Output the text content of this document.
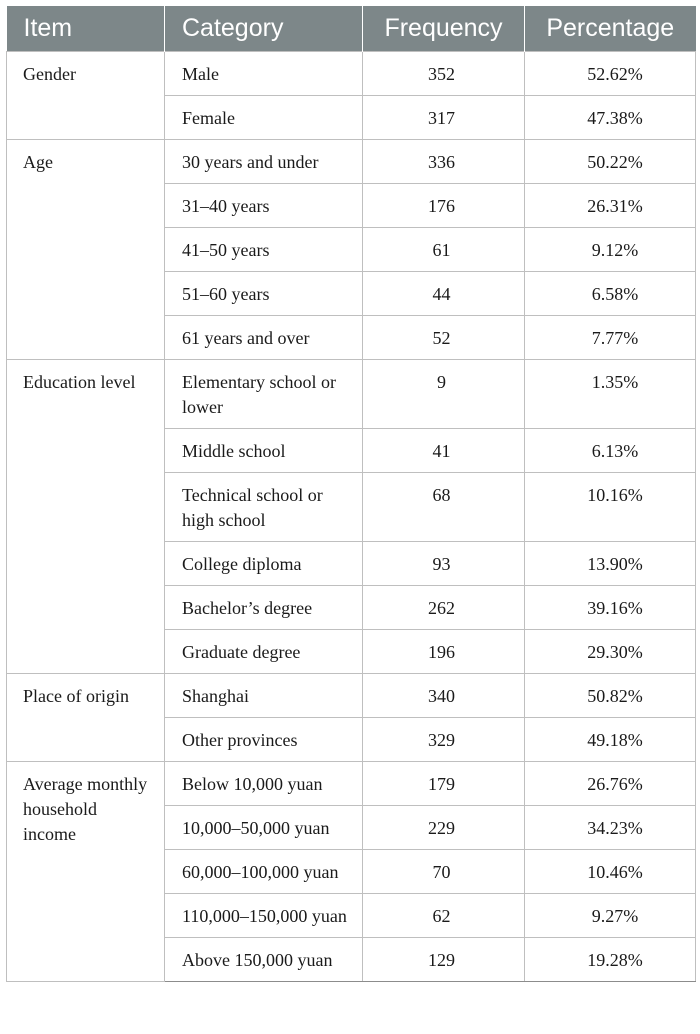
Item	Category	Frequency	Percentage
Gender	Male	352	52.62%
	Female	317	47.38%
Age	30 years and under	336	50.22%
	31–40 years	176	26.31%
	41–50 years	61	9.12%
	51–60 years	44	6.58%
	61 years and over	52	7.77%
Education level	Elementary school or lower	9	1.35%
	Middle school	41	6.13%
	Technical school or high school	68	10.16%
	College diploma	93	13.90%
	Bachelor’s degree	262	39.16%
	Graduate degree	196	29.30%
Place of origin	Shanghai	340	50.82%
	Other provinces	329	49.18%
Average monthly household income	Below 10,000 yuan	179	26.76%
	10,000–50,000 yuan	229	34.23%
	60,000–100,000 yuan	70	10.46%
	110,000–150,000 yuan	62	9.27%
	Above 150,000 yuan	129	19.28%
